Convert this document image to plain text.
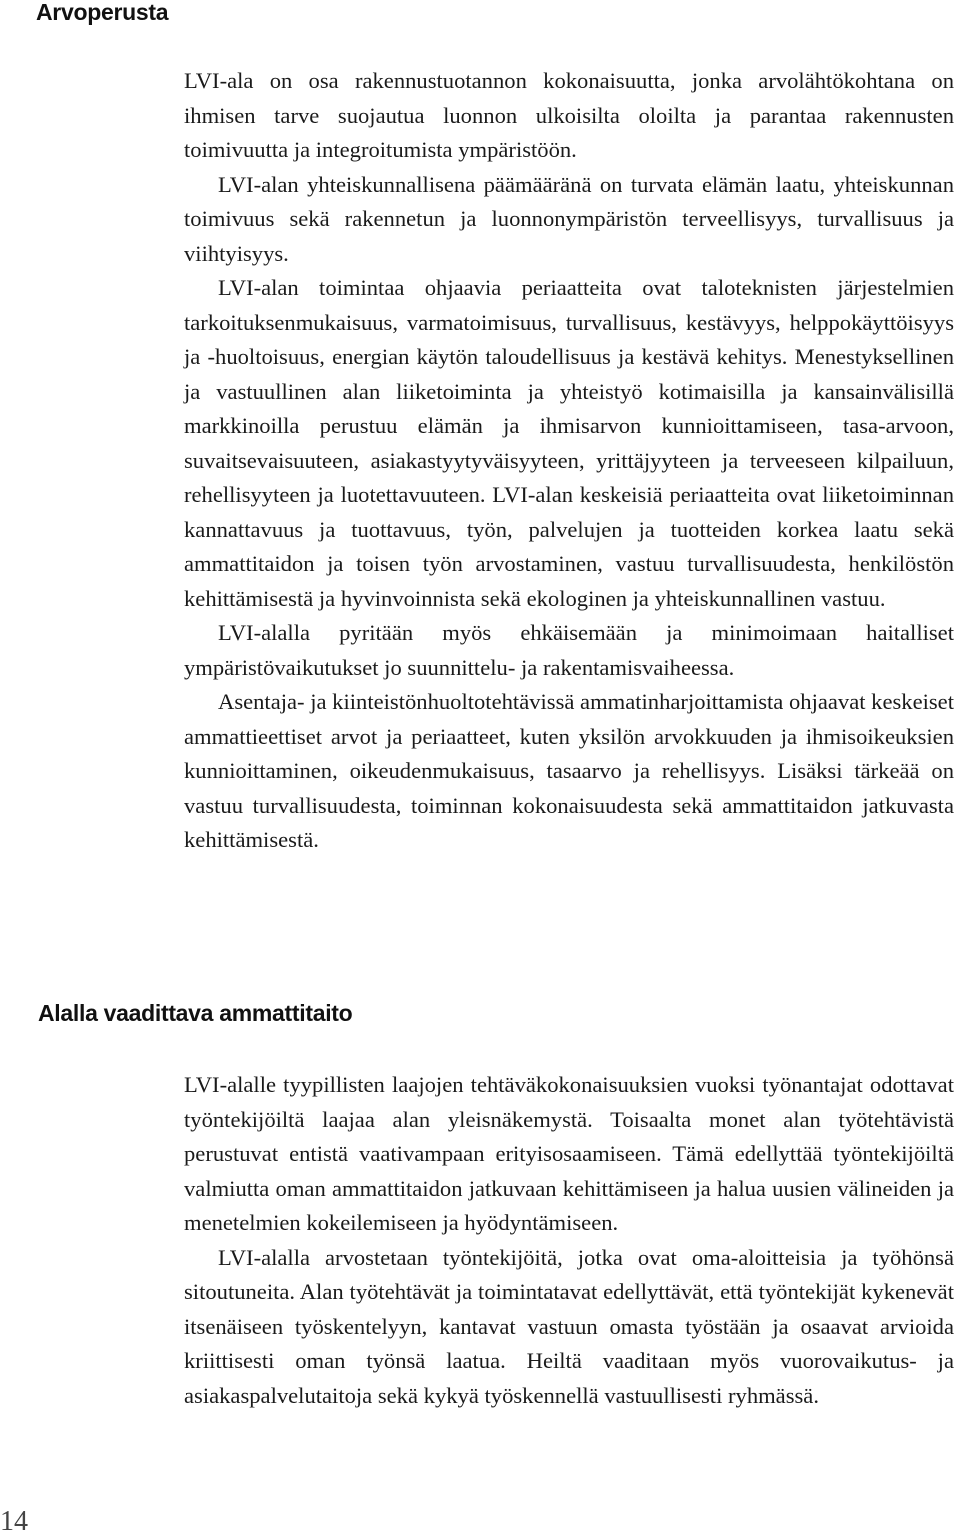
Arvoperusta

LVI-ala on osa rakennustuotannon kokonaisuutta, jonka arvolähtökohtana on ihmisen tarve suojautua luonnon ulkoisilta oloilta ja parantaa rakennusten toimivuutta ja integroitumista ympäristöön.

LVI-alan yhteiskunnallisena päämääränä on turvata elämän laatu, yhteiskunnan toimivuus sekä rakennetun ja luonnonympäristön terveellisyys, turvallisuus ja viihtyisyys.

LVI-alan toimintaa ohjaavia periaatteita ovat taloteknisten järjestelmien tarkoituksenmukaisuus, varmatoimisuus, turvallisuus, kestävyys, helppokäyttöisyys ja -huoltoisuus, energian käytön taloudellisuus ja kestävä kehitys. Menestyksellinen ja vastuullinen alan liiketoiminta ja yhteistyö kotimaisilla ja kansainvälisillä markkinoilla perustuu elämän ja ihmisarvon kunnioittamiseen, tasa-arvoon, suvaitsevaisuuteen, asiakastyytyväisyyteen, yrittäjyyteen ja terveeseen kilpailuun, rehellisyyteen ja luotettavuuteen. LVI-alan keskeisiä periaatteita ovat liiketoiminnan kannattavuus ja tuottavuus, työn, palvelujen ja tuotteiden korkea laatu sekä ammattitaidon ja toisen työn arvostaminen, vastuu turvallisuudesta, henkilöstön kehittämisestä ja hyvinvoinnista sekä ekologinen ja yhteiskunnallinen vastuu.

LVI-alalla pyritään myös ehkäisemään ja minimoimaan haitalliset ympäristövaikutukset jo suunnittelu- ja rakentamisvaiheessa.

Asentaja- ja kiinteistönhuoltotehtävissä ammatinharjoittamista ohjaavat keskeiset ammattieettiset arvot ja periaatteet, kuten yksilön arvokkuuden ja ihmisoikeuksien kunnioittaminen, oikeudenmukaisuus, tasaarvo ja rehellisyys. Lisäksi tärkeää on vastuu turvallisuudesta, toiminnan kokonaisuudesta sekä ammattitaidon jatkuvasta kehittämisestä.

Alalla vaadittava ammattitaito

LVI-alalle tyypillisten laajojen tehtäväkokonaisuuksien vuoksi työnantajat odottavat työntekijöiltä laajaa alan yleisnäkemystä. Toisaalta monet alan työtehtävistä perustuvat entistä vaativampaan erityisosaamiseen. Tämä edellyttää työntekijöiltä valmiutta oman ammattitaidon jatkuvaan kehittämiseen ja halua uusien välineiden ja menetelmien kokeilemiseen ja hyödyntämiseen.

LVI-alalla arvostetaan työntekijöitä, jotka ovat oma-aloitteisia ja työhönsä sitoutuneita. Alan työtehtävät ja toimintatavat edellyttävät, että työntekijät kykenevät itsenäiseen työskentelyyn, kantavat vastuun omasta työstään ja osaavat arvioida kriittisesti oman työnsä laatua. Heiltä vaaditaan myös vuorovaikutus- ja asiakaspalvelutaitoja sekä kykyä työskennellä vastuullisesti ryhmässä.

14
